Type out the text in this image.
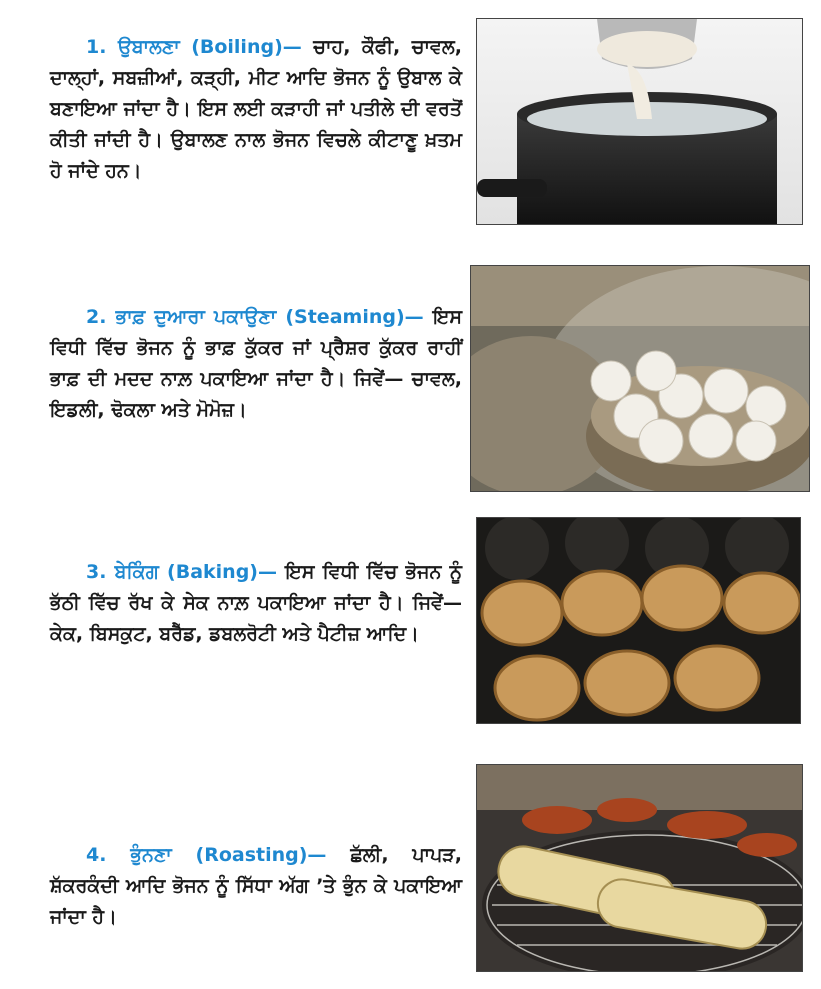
1. ਉਬਾਲਣਾ (Boiling)— ਚਾਹ, ਕੌਫੀ, ਚਾਵਲ, ਦਾਲ੍ਹਾਂ, ਸਬਜ਼ੀਆਂ, ਕੜ੍ਹੀ, ਮੀਟ ਆਦਿ ਭੋਜਨ ਨੂੰ ਉਬਾਲ ਕੇ ਬਣਾਇਆ ਜਾਂਦਾ ਹੈ। ਇਸ ਲਈ ਕੜਾਹੀ ਜਾਂ ਪਤੀਲੇ ਦੀ ਵਰਤੋਂ ਕੀਤੀ ਜਾਂਦੀ ਹੈ। ਉਬਾਲਣ ਨਾਲ ਭੋਜਨ ਵਿਚਲੇ ਕੀਟਾਣੂ ਖ਼ਤਮ ਹੋ ਜਾਂਦੇ ਹਨ।
2. ਭਾਫ਼ ਦੁਆਰਾ ਪਕਾਉਣਾ (Steaming)— ਇਸ ਵਿਧੀ ਵਿੱਚ ਭੋਜਨ ਨੂੰ ਭਾਫ਼ ਕੁੱਕਰ ਜਾਂ ਪ੍ਰੈਸ਼ਰ ਕੁੱਕਰ ਰਾਹੀਂ ਭਾਫ਼ ਦੀ ਮਦਦ ਨਾਲ਼ ਪਕਾਇਆ ਜਾਂਦਾ ਹੈ। ਜਿਵੇਂ— ਚਾਵਲ, ਇਡਲੀ, ਢੋਕਲਾ ਅਤੇ ਮੋਮੋਜ਼।
3. ਬੇਕਿੰਗ (Baking)— ਇਸ ਵਿਧੀ ਵਿੱਚ ਭੋਜਨ ਨੂੰ ਭੱਠੀ ਵਿੱਚ ਰੱਖ ਕੇ ਸੇਕ ਨਾਲ਼ ਪਕਾਇਆ ਜਾਂਦਾ ਹੈ। ਜਿਵੇਂ—ਕੇਕ, ਬਿਸਕੁਟ, ਬਰੈੱਡ, ਡਬਲਰੋਟੀ ਅਤੇ ਪੈਟੀਜ਼ ਆਦਿ।
4. ਭੁੰਨਣਾ (Roasting)— ਛੱਲੀ, ਪਾਪੜ, ਸ਼ੱਕਰਕੰਦੀ ਆਦਿ ਭੋਜਨ ਨੂੰ ਸਿੱਧਾ ਅੱਗ ’ਤੇ ਭੁੰਨ ਕੇ ਪਕਾਇਆ ਜਾਂਦਾ ਹੈ।
